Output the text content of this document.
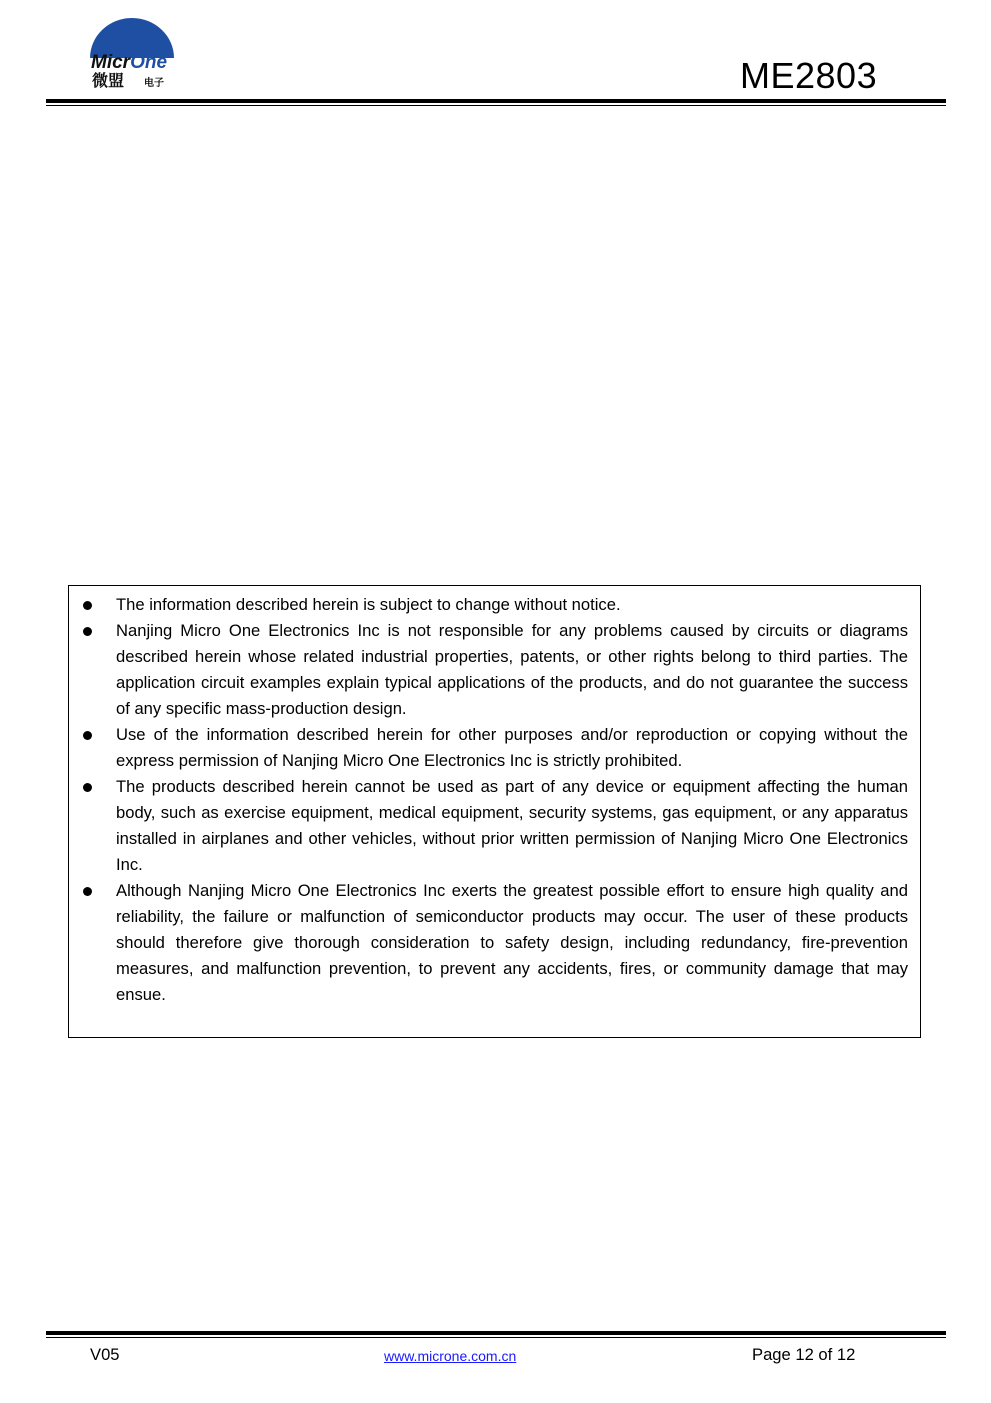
MicrOne
微盟 电子	ME2803
The information described herein is subject to change without notice.
Nanjing Micro One Electronics Inc is not responsible for any problems caused by circuits or diagrams described herein whose related industrial properties, patents, or other rights belong to third parties. The application circuit examples explain typical applications of the products, and do not guarantee the success of any specific mass-production design.
Use of the information described herein for other purposes and/or reproduction or copying without the express permission of Nanjing Micro One Electronics Inc is strictly prohibited.
The products described herein cannot be used as part of any device or equipment affecting the human body, such as exercise equipment, medical equipment, security systems, gas equipment, or any apparatus installed in airplanes and other vehicles, without prior written permission of Nanjing Micro One Electronics Inc.
Although Nanjing Micro One Electronics Inc exerts the greatest possible effort to ensure high quality and reliability, the failure or malfunction of semiconductor products may occur. The user of these products should therefore give thorough consideration to safety design, including redundancy, fire-prevention measures, and malfunction prevention, to prevent any accidents, fires, or community damage that may ensue.
V05	www.microne.com.cn	Page 12 of 12
